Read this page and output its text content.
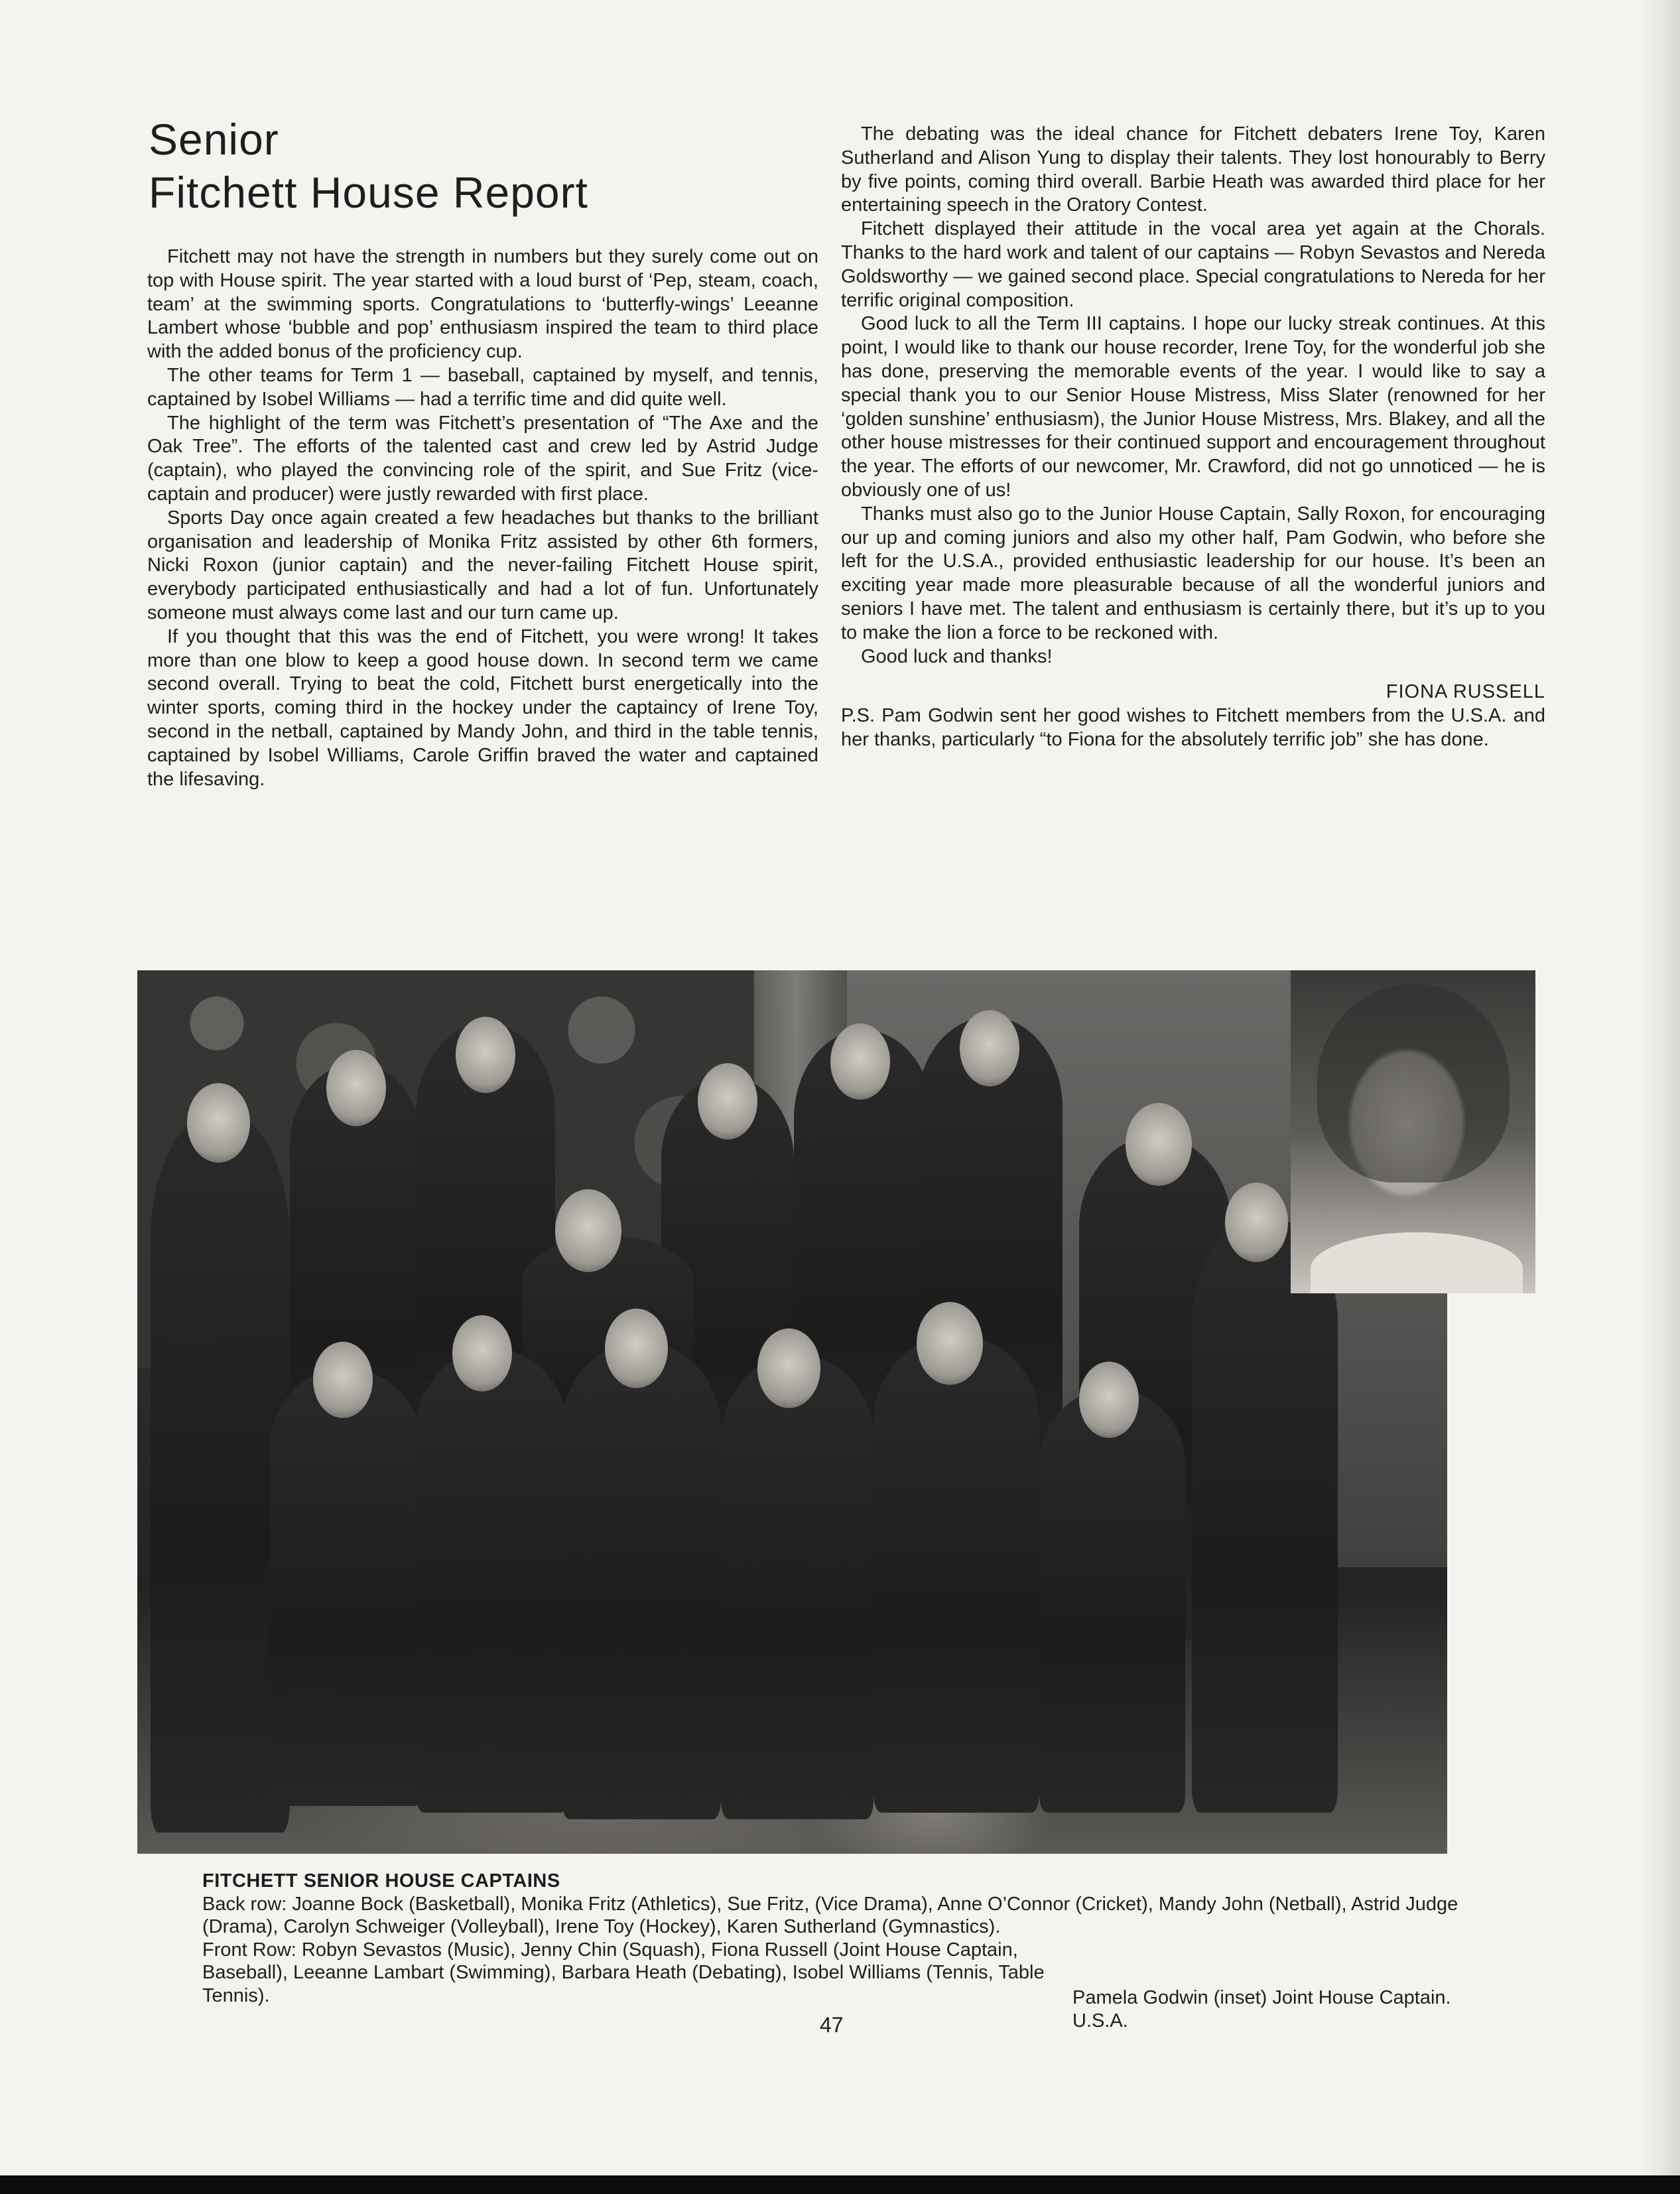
Senior
Fitchett House Report

Fitchett may not have the strength in numbers but they surely come out on top with House spirit. The year started with a loud burst of ‘Pep, steam, coach, team’ at the swimming sports. Congratulations to ‘butterfly-wings’ Leeanne Lambert whose ‘bubble and pop’ enthusiasm inspired the team to third place with the added bonus of the proficiency cup.

The other teams for Term 1 — baseball, captained by myself, and tennis, captained by Isobel Williams — had a terrific time and did quite well.

The highlight of the term was Fitchett’s presentation of “The Axe and the Oak Tree”. The efforts of the talented cast and crew led by Astrid Judge (captain), who played the convincing role of the spirit, and Sue Fritz (vice-captain and producer) were justly rewarded with first place.

Sports Day once again created a few headaches but thanks to the brilliant organisation and leadership of Monika Fritz assisted by other 6th formers, Nicki Roxon (junior captain) and the never-failing Fitchett House spirit, everybody participated enthusiastically and had a lot of fun. Unfortunately someone must always come last and our turn came up.

If you thought that this was the end of Fitchett, you were wrong! It takes more than one blow to keep a good house down. In second term we came second overall. Trying to beat the cold, Fitchett burst energetically into the winter sports, coming third in the hockey under the captaincy of Irene Toy, second in the netball, captained by Mandy John, and third in the table tennis, captained by Isobel Williams, Carole Griffin braved the water and captained the lifesaving.

The debating was the ideal chance for Fitchett debaters Irene Toy, Karen Sutherland and Alison Yung to display their talents. They lost honourably to Berry by five points, coming third overall. Barbie Heath was awarded third place for her entertaining speech in the Oratory Contest.

Fitchett displayed their attitude in the vocal area yet again at the Chorals. Thanks to the hard work and talent of our captains — Robyn Sevastos and Nereda Goldsworthy — we gained second place. Special congratulations to Nereda for her terrific original composition.

Good luck to all the Term III captains. I hope our lucky streak continues. At this point, I would like to thank our house recorder, Irene Toy, for the wonderful job she has done, preserving the memorable events of the year. I would like to say a special thank you to our Senior House Mistress, Miss Slater (renowned for her ‘golden sunshine’ enthusiasm), the Junior House Mistress, Mrs. Blakey, and all the other house mistresses for their continued support and encouragement throughout the year. The efforts of our newcomer, Mr. Crawford, did not go unnoticed — he is obviously one of us!

Thanks must also go to the Junior House Captain, Sally Roxon, for encouraging our up and coming juniors and also my other half, Pam Godwin, who before she left for the U.S.A., provided enthusiastic leadership for our house. It’s been an exciting year made more pleasurable because of all the wonderful juniors and seniors I have met. The talent and enthusiasm is certainly there, but it’s up to you to make the lion a force to be reckoned with.

Good luck and thanks!

FIONA RUSSELL

P.S. Pam Godwin sent her good wishes to Fitchett members from the U.S.A. and her thanks, particularly “to Fiona for the absolutely terrific job” she has done.

FITCHETT SENIOR HOUSE CAPTAINS

Back row: Joanne Bock (Basketball), Monika Fritz (Athletics), Sue Fritz, (Vice Drama), Anne O’Connor (Cricket), Mandy John (Netball), Astrid Judge (Drama), Carolyn Schweiger (Volleyball), Irene Toy (Hockey), Karen Sutherland (Gymnastics).

Front Row: Robyn Sevastos (Music), Jenny Chin (Squash), Fiona Russell (Joint House Captain, Baseball), Leeanne Lambart (Swimming), Barbara Heath (Debating), Isobel Williams (Tennis, Table Tennis).	Pamela Godwin (inset) Joint House Captain.
U.S.A.
47
